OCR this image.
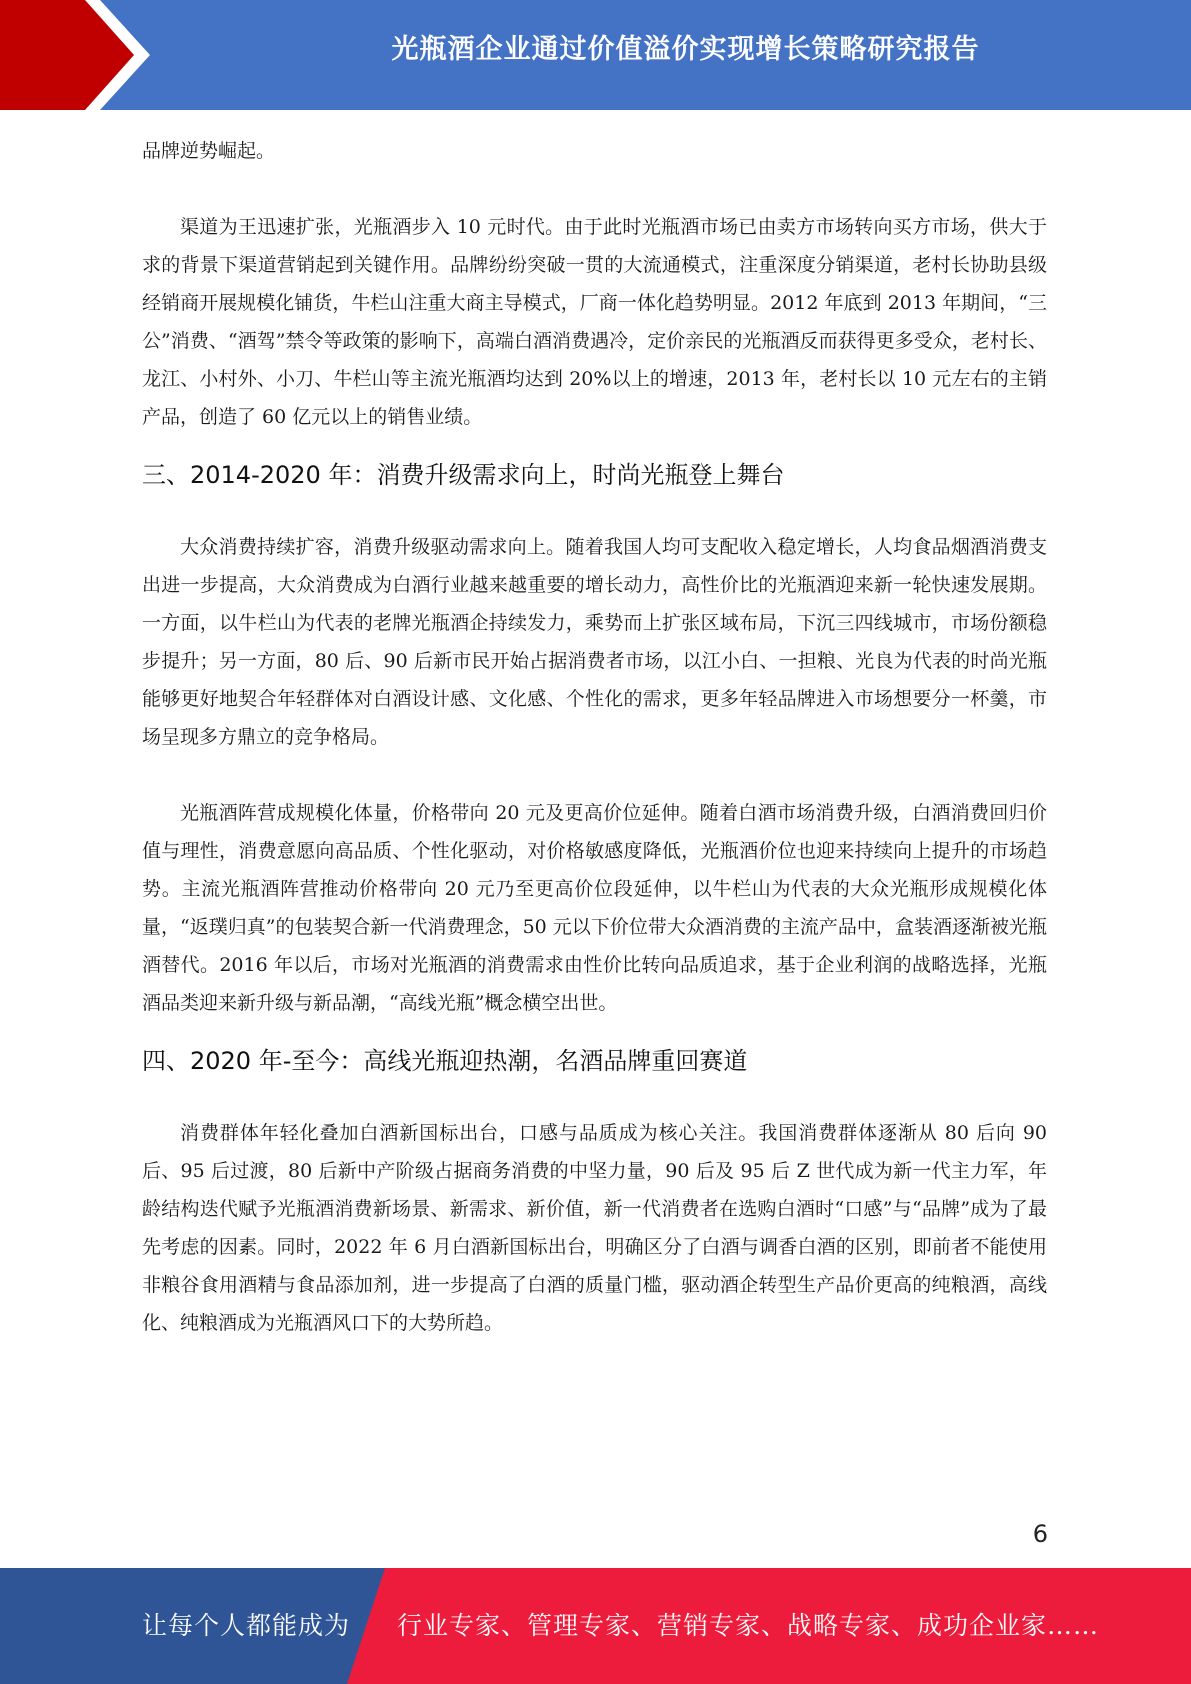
光瓶酒企业通过价值溢价实现增长策略研究报告

品牌逆势崛起。

渠道为王迅速扩张，光瓶酒步入 10 元时代。由于此时光瓶酒市场已由卖方市场转向买方市场，供大于求的背景下渠道营销起到关键作用。品牌纷纷突破一贯的大流通模式，注重深度分销渠道，老村长协助县级经销商开展规模化铺货，牛栏山注重大商主导模式，厂商一体化趋势明显。2012 年底到 2013 年期间，“三公”消费、“酒驾”禁令等政策的影响下，高端白酒消费遇冷，定价亲民的光瓶酒反而获得更多受众，老村长、龙江、小村外、小刀、牛栏山等主流光瓶酒均达到 20%以上的增速，2013 年，老村长以 10 元左右的主销产品，创造了 60 亿元以上的销售业绩。

三、2014-2020 年：消费升级需求向上，时尚光瓶登上舞台

大众消费持续扩容，消费升级驱动需求向上。随着我国人均可支配收入稳定增长，人均食品烟酒消费支出进一步提高，大众消费成为白酒行业越来越重要的增长动力，高性价比的光瓶酒迎来新一轮快速发展期。一方面，以牛栏山为代表的老牌光瓶酒企持续发力，乘势而上扩张区域布局，下沉三四线城市，市场份额稳步提升；另一方面，80 后、90 后新市民开始占据消费者市场，以江小白、一担粮、光良为代表的时尚光瓶能够更好地契合年轻群体对白酒设计感、文化感、个性化的需求，更多年轻品牌进入市场想要分一杯羹，市场呈现多方鼎立的竞争格局。

光瓶酒阵营成规模化体量，价格带向 20 元及更高价位延伸。随着白酒市场消费升级，白酒消费回归价值与理性，消费意愿向高品质、个性化驱动，对价格敏感度降低，光瓶酒价位也迎来持续向上提升的市场趋势。主流光瓶酒阵营推动价格带向 20 元乃至更高价位段延伸，以牛栏山为代表的大众光瓶形成规模化体量，“返璞归真”的包装契合新一代消费理念，50 元以下价位带大众酒消费的主流产品中，盒装酒逐渐被光瓶酒替代。2016 年以后，市场对光瓶酒的消费需求由性价比转向品质追求，基于企业利润的战略选择，光瓶酒品类迎来新升级与新品潮，“高线光瓶”概念横空出世。

四、2020 年-至今：高线光瓶迎热潮，名酒品牌重回赛道

消费群体年轻化叠加白酒新国标出台，口感与品质成为核心关注。我国消费群体逐渐从 80 后向 90 后、95 后过渡，80 后新中产阶级占据商务消费的中坚力量，90 后及 95 后 Z 世代成为新一代主力军，年龄结构迭代赋予光瓶酒消费新场景、新需求、新价值，新一代消费者在选购白酒时“口感”与“品牌”成为了最先考虑的因素。同时，2022 年 6 月白酒新国标出台，明确区分了白酒与调香白酒的区别，即前者不能使用非粮谷食用酒精与食品添加剂，进一步提高了白酒的质量门槛，驱动酒企转型生产品价更高的纯粮酒，高线化、纯粮酒成为光瓶酒风口下的大势所趋。

6
让每个人都能成为 行业专家、管理专家、营销专家、战略专家、成功企业家……
